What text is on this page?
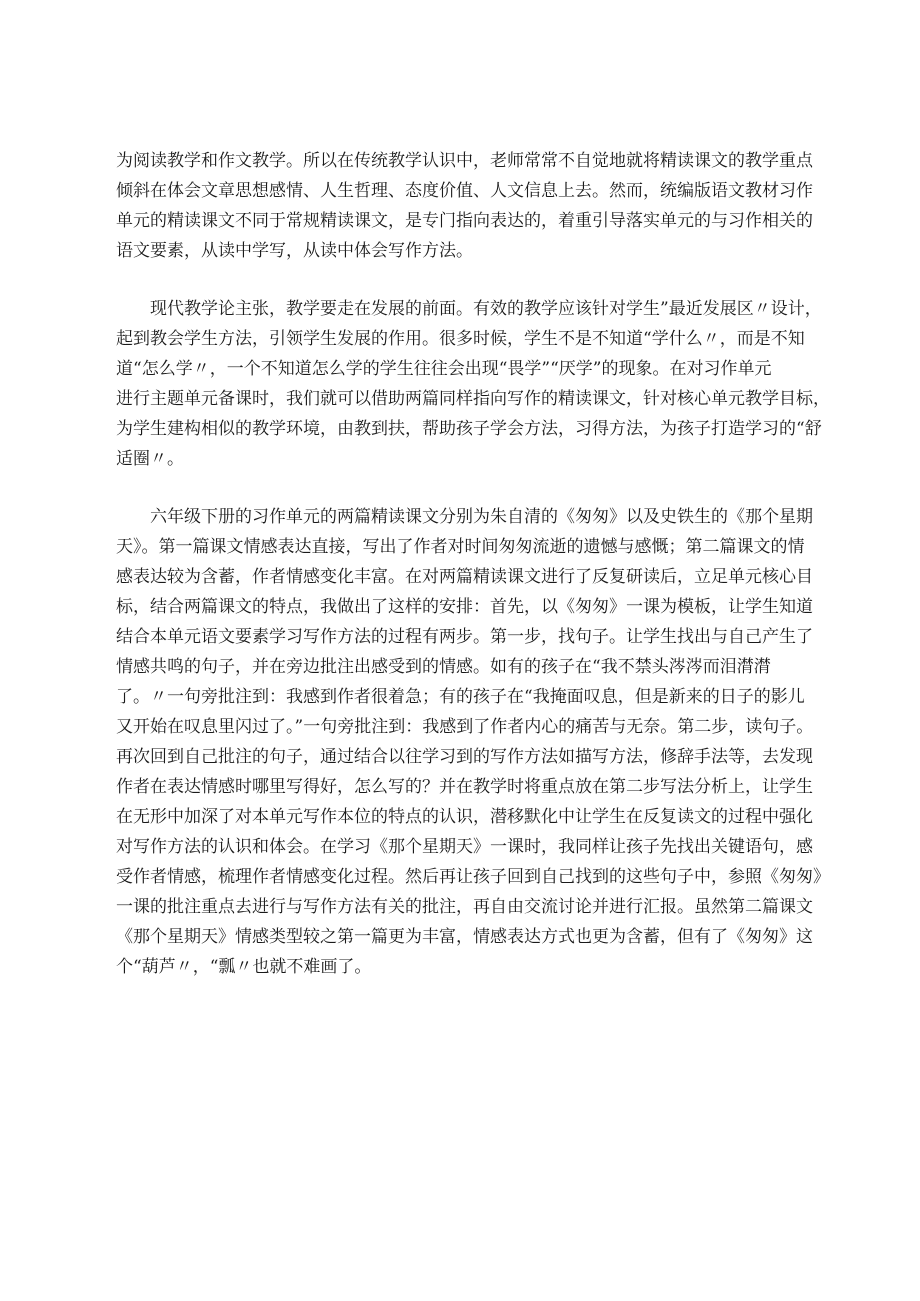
为阅读教学和作文教学。所以在传统教学认识中，老师常常不自觉地就将精读课文的教学重点
倾斜在体会文章思想感情、人生哲理、态度价值、人文信息上去。然而，统编版语文教材习作
单元的精读课文不同于常规精读课文，是专门指向表达的，着重引导落实单元的与习作相关的
语文要素，从读中学写，从读中体会写作方法。

现代教学论主张，教学要走在发展的前面。有效的教学应该针对学生”最近发展区〃设计，
起到教会学生方法，引领学生发展的作用。很多时候，学生不是不知道“学什么〃，而是不知
道“怎么学〃，一个不知道怎么学的学生往往会出现“畏学”“厌学”的现象。在对习作单元
进行主题单元备课时，我们就可以借助两篇同样指向写作的精读课文，针对核心单元教学目标，
为学生建构相似的教学环境，由教到扶，帮助孩子学会方法，习得方法，为孩子打造学习的“舒
适圈〃。

六年级下册的习作单元的两篇精读课文分别为朱自清的《匆匆》以及史铁生的《那个星期
天》。第一篇课文情感表达直接，写出了作者对时间匆匆流逝的遗憾与感慨；第二篇课文的情
感表达较为含蓄，作者情感变化丰富。在对两篇精读课文进行了反复研读后，立足单元核心目
标，结合两篇课文的特点，我做出了这样的安排：首先，以《匆匆》一课为模板，让学生知道
结合本单元语文要素学习写作方法的过程有两步。第一步，找句子。让学生找出与自己产生了
情感共鸣的句子，并在旁边批注出感受到的情感。如有的孩子在“我不禁头涔涔而泪潸潸
了。〃一句旁批注到：我感到作者很着急；有的孩子在“我掩面叹息，但是新来的日子的影儿
又开始在叹息里闪过了。”一句旁批注到：我感到了作者内心的痛苦与无奈。第二步，读句子。
再次回到自己批注的句子，通过结合以往学习到的写作方法如描写方法，修辞手法等，去发现
作者在表达情感时哪里写得好，怎么写的？并在教学时将重点放在第二步写法分析上，让学生
在无形中加深了对本单元写作本位的特点的认识，潜移默化中让学生在反复读文的过程中强化
对写作方法的认识和体会。在学习《那个星期天》一课时，我同样让孩子先找出关键语句，感
受作者情感，梳理作者情感变化过程。然后再让孩子回到自己找到的这些句子中，参照《匆匆》
一课的批注重点去进行与写作方法有关的批注，再自由交流讨论并进行汇报。虽然第二篇课文
《那个星期天》情感类型较之第一篇更为丰富，情感表达方式也更为含蓄，但有了《匆匆》这
个“葫芦〃，“瓢〃也就不难画了。
